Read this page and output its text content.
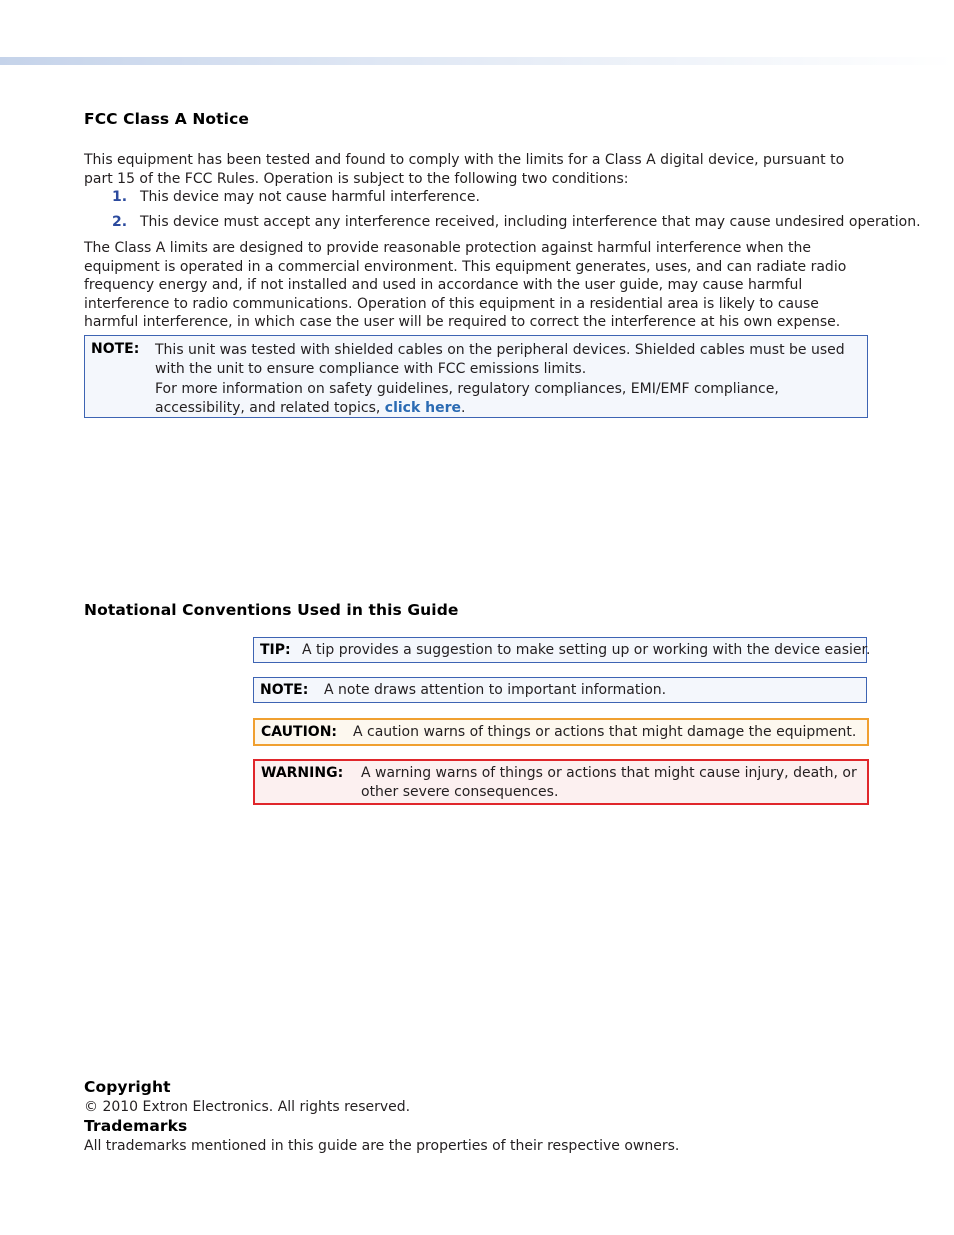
FCC Class A Notice
This equipment has been tested and found to comply with the limits for a Class A digital device, pursuant to part 15 of the FCC Rules. Operation is subject to the following two conditions:
1. This device may not cause harmful interference.
2. This device must accept any interference received, including interference that may cause undesired operation.
The Class A limits are designed to provide reasonable protection against harmful interference when the equipment is operated in a commercial environment. This equipment generates, uses, and can radiate radio frequency energy and, if not installed and used in accordance with the user guide, may cause harmful interference to radio communications. Operation of this equipment in a residential area is likely to cause harmful interference, in which case the user will be required to correct the interference at his own expense.
NOTE: This unit was tested with shielded cables on the peripheral devices. Shielded cables must be used with the unit to ensure compliance with FCC emissions limits.
For more information on safety guidelines, regulatory compliances, EMI/EMF compliance, accessibility, and related topics, click here.
Notational Conventions Used in this Guide
TIP: A tip provides a suggestion to make setting up or working with the device easier.
NOTE: A note draws attention to important information.
CAUTION: A caution warns of things or actions that might damage the equipment.
WARNING: A warning warns of things or actions that might cause injury, death, or other severe consequences.
Copyright
© 2010 Extron Electronics. All rights reserved.
Trademarks
All trademarks mentioned in this guide are the properties of their respective owners.
